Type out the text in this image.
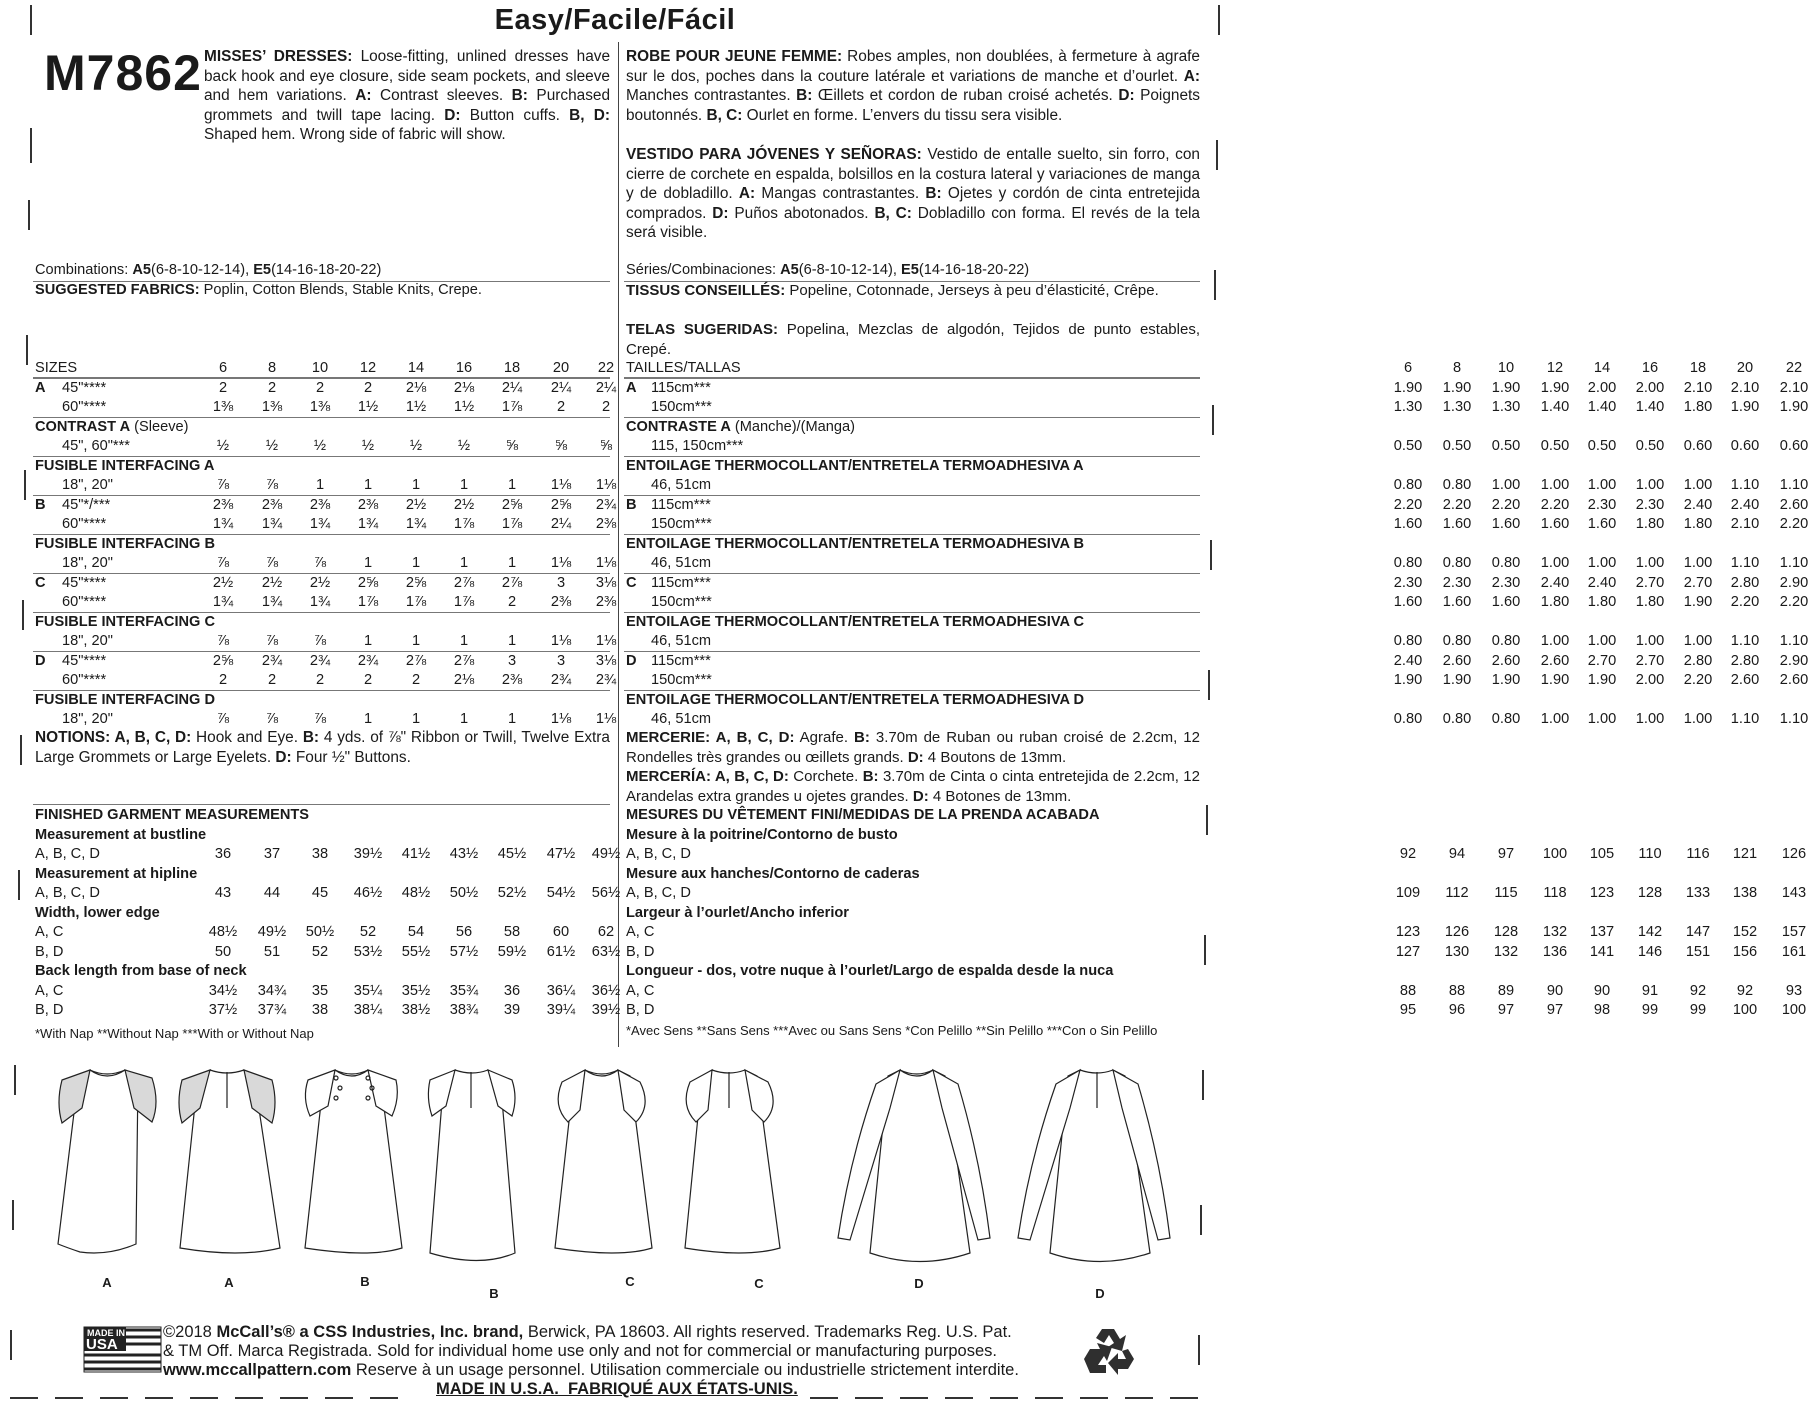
Easy/Facile/Fácil
M7862 MISSES’ DRESSES: Loose-fitting, unlined dresses have back hook and eye closure, side seam pockets, and sleeve and hem variations. A: Contrast sleeves. B: Purchased grommets and twill tape lacing. D: Button cuffs. B, D: Shaped hem. Wrong side of fabric will show.
ROBE POUR JEUNE FEMME: Robes amples, non doublées, à fermeture à agrafe sur le dos, poches dans la couture latérale et variations de manche et d’ourlet. A: Manches contrastantes. B: Œillets et cordon de ruban croisé achetés. D: Poignets boutonnés. B, C: Ourlet en forme. L’envers du tissu sera visible.
VESTIDO PARA JÓVENES Y SEÑORAS: Vestido de entalle suelto, sin forro, con cierre de corchete en espalda, bolsillos en la costura lateral y variaciones de manga y de dobladillo. A: Mangas contrastantes. B: Ojetes y cordón de cinta entretejida comprados. D: Puños abotonados. B, C: Dobladillo con forma. El revés de la tela será visible.
Combinations: A5(6-8-10-12-14), E5(14-16-18-20-22)
SUGGESTED FABRICS: Poplin, Cotton Blends, Stable Knits, Crepe.
Séries/Combinaciones: A5(6-8-10-12-14), E5(14-16-18-20-22)
TISSUS CONSEILLÉS: Popeline, Cotonnade, Jerseys à peu d’élasticité, Crêpe.
TELAS SUGERIDAS: Popelina, Mezclas de algodón, Tejidos de punto estables, Crepé.
SIZES	6	8	10	12	14	16	18	20	22
A 45"****	2	2	2	2	2⅛	2⅛	2¼	2¼	2¼
60"****	1⅜	1⅜	1⅜	1½	1½	1½	1⅞	2	2
CONTRAST A (Sleeve)
45", 60"***	½	½	½	½	½	½	⅝	⅝	⅝
FUSIBLE INTERFACING A
18", 20"	⅞	⅞	1	1	1	1	1	1⅛	1⅛
B 45"*/***	2⅜	2⅜	2⅜	2⅜	2½	2½	2⅝	2⅝	2¾
60"****	1¾	1¾	1¾	1¾	1¾	1⅞	1⅞	2¼	2⅜
FUSIBLE INTERFACING B
18", 20"	⅞	⅞	⅞	1	1	1	1	1⅛	1⅛
C 45"****	2½	2½	2½	2⅝	2⅝	2⅞	2⅞	3	3⅛
60"****	1¾	1¾	1¾	1⅞	1⅞	1⅞	2	2⅜	2⅜
FUSIBLE INTERFACING C
18", 20"	⅞	⅞	⅞	1	1	1	1	1⅛	1⅛
D 45"****	2⅝	2¾	2¾	2¾	2⅞	2⅞	3	3	3⅛
60"****	2	2	2	2	2	2⅛	2⅜	2¾	2¾
FUSIBLE INTERFACING D
18", 20"	⅞	⅞	⅞	1	1	1	1	1⅛	1⅛
TAILLES/TALLAS	6	8	10	12	14	16	18	20	22
A 115cm***	1.90	1.90	1.90	1.90	2.00	2.00	2.10	2.10	2.10
150cm***	1.30	1.30	1.30	1.40	1.40	1.40	1.80	1.90	1.90
CONTRASTE A (Manche)/(Manga)
115, 150cm***	0.50	0.50	0.50	0.50	0.50	0.50	0.60	0.60	0.60
ENTOILAGE THERMOCOLLANT/ENTRETELA TERMOADHESIVA A
46, 51cm	0.80	0.80	1.00	1.00	1.00	1.00	1.00	1.10	1.10
B 115cm***	2.20	2.20	2.20	2.20	2.30	2.30	2.40	2.40	2.60
150cm***	1.60	1.60	1.60	1.60	1.60	1.80	1.80	2.10	2.20
ENTOILAGE THERMOCOLLANT/ENTRETELA TERMOADHESIVA B
46, 51cm	0.80	0.80	0.80	1.00	1.00	1.00	1.00	1.10	1.10
C 115cm***	2.30	2.30	2.30	2.40	2.40	2.70	2.70	2.80	2.90
150cm***	1.60	1.60	1.60	1.80	1.80	1.80	1.90	2.20	2.20
ENTOILAGE THERMOCOLLANT/ENTRETELA TERMOADHESIVA C
46, 51cm	0.80	0.80	0.80	1.00	1.00	1.00	1.00	1.10	1.10
D 115cm***	2.40	2.60	2.60	2.60	2.70	2.70	2.80	2.80	2.90
150cm***	1.90	1.90	1.90	1.90	1.90	2.00	2.20	2.60	2.60
ENTOILAGE THERMOCOLLANT/ENTRETELA TERMOADHESIVA D
46, 51cm	0.80	0.80	0.80	1.00	1.00	1.00	1.00	1.10	1.10
NOTIONS: A, B, C, D: Hook and Eye. B: 4 yds. of ⅞" Ribbon or Twill, Twelve Extra Large Grommets or Large Eyelets. D: Four ½" Buttons.
MERCERIE: A, B, C, D: Agrafe. B: 3.70m de Ruban ou ruban croisé de 2.2cm, 12 Rondelles très grandes ou œillets grands. D: 4 Boutons de 13mm.
MERCERÍA: A, B, C, D: Corchete. B: 3.70m de Cinta o cinta entretejida de 2.2cm, 12 Arandelas extra grandes u ojetes grandes. D: 4 Botones de 13mm.
FINISHED GARMENT MEASUREMENTS
Measurement at bustline
A, B, C, D	36	37	38	39½	41½	43½	45½	47½	49½
Measurement at hipline
A, B, C, D	43	44	45	46½	48½	50½	52½	54½	56½
Width, lower edge
A, C	48½	49½	50½	52	54	56	58	60	62
B, D	50	51	52	53½	55½	57½	59½	61½	63½
Back length from base of neck
A, C	34½	34¾	35	35¼	35½	35¾	36	36¼	36½
B, D	37½	37¾	38	38¼	38½	38¾	39	39¼	39½
MESURES DU VÊTEMENT FINI/MEDIDAS DE LA PRENDA ACABADA
Mesure à la poitrine/Contorno de busto
A, B, C, D	92	94	97	100	105	110	116	121	126
Mesure aux hanches/Contorno de caderas
A, B, C, D	109	112	115	118	123	128	133	138	143
Largeur à l’ourlet/Ancho inferior
A, C	123	126	128	132	137	142	147	152	157
B, D	127	130	132	136	141	146	151	156	161
Longueur - dos, votre nuque à l’ourlet/Largo de espalda desde la nuca
A, C	88	88	89	90	90	91	92	92	93
B, D	95	96	97	97	98	99	99	100	100
*With Nap **Without Nap ***With or Without Nap	*Avec Sens **Sans Sens ***Avec ou Sans Sens *Con Pelillo **Sin Pelillo ***Con o Sin Pelillo
A	A	B
B
C	C	D
D
MADE IN
USA
©2018 McCall’s® a CSS Industries, Inc. brand, Berwick, PA 18603. All rights reserved. Trademarks Reg. U.S. Pat.
& TM Off. Marca Registrada. Sold for individual home use only and not for commercial or manufacturing purposes.
www.mccallpattern.com Reserve à un usage personnel. Utilisation commerciale ou industrielle strictement interdite.
MADE IN U.S.A.  FABRIQUÉ AUX ÉTATS-UNIS.
